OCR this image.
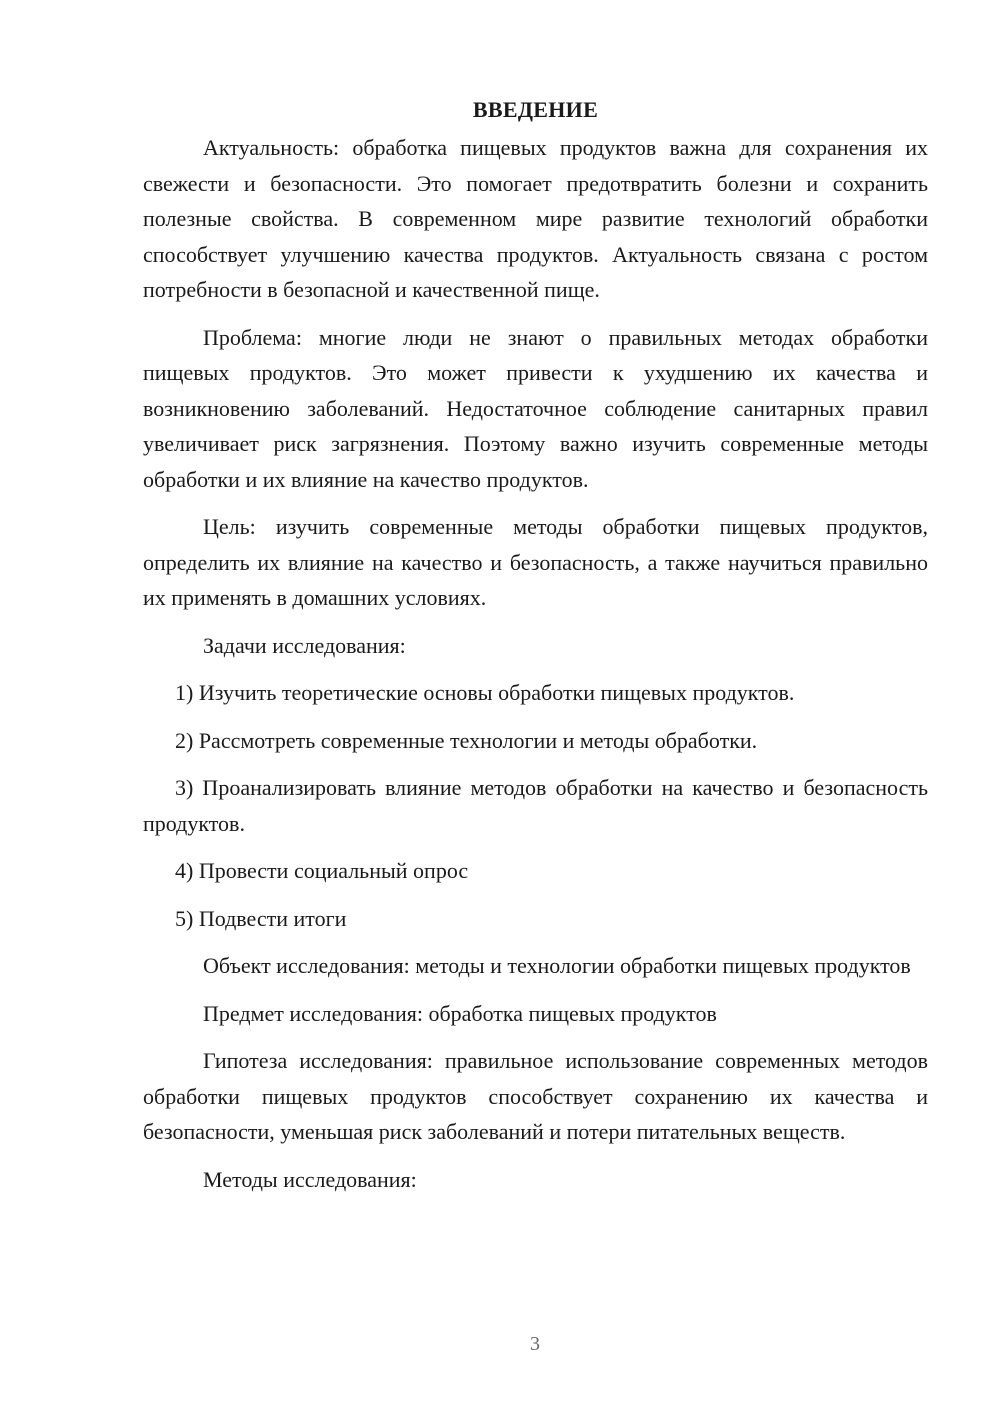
ВВЕДЕНИЕ

Актуальность: обработка пищевых продуктов важна для сохранения их свежести и безопасности. Это помогает предотвратить болезни и сохранить полезные свойства. В современном мире развитие технологий обработки способствует улучшению качества продуктов. Актуальность связана с ростом потребности в безопасной и качественной пище.

Проблема: многие люди не знают о правильных методах обработки пищевых продуктов. Это может привести к ухудшению их качества и возникновению заболеваний. Недостаточное соблюдение санитарных правил увеличивает риск загрязнения. Поэтому важно изучить современные методы обработки и их влияние на качество продуктов.

Цель: изучить современные методы обработки пищевых продуктов, определить их влияние на качество и безопасность, а также научиться правильно их применять в домашних условиях.

Задачи исследования:

1) Изучить теоретические основы обработки пищевых продуктов.

2) Рассмотреть современные технологии и методы обработки.

3) Проанализировать влияние методов обработки на качество и безопасность продуктов.

4) Провести социальный опрос

5) Подвести итоги

Объект исследования: методы и технологии обработки пищевых продуктов

Предмет исследования: обработка пищевых продуктов

Гипотеза исследования: правильное использование современных методов обработки пищевых продуктов способствует сохранению их качества и безопасности, уменьшая риск заболеваний и потери питательных веществ.

Методы исследования:

3
